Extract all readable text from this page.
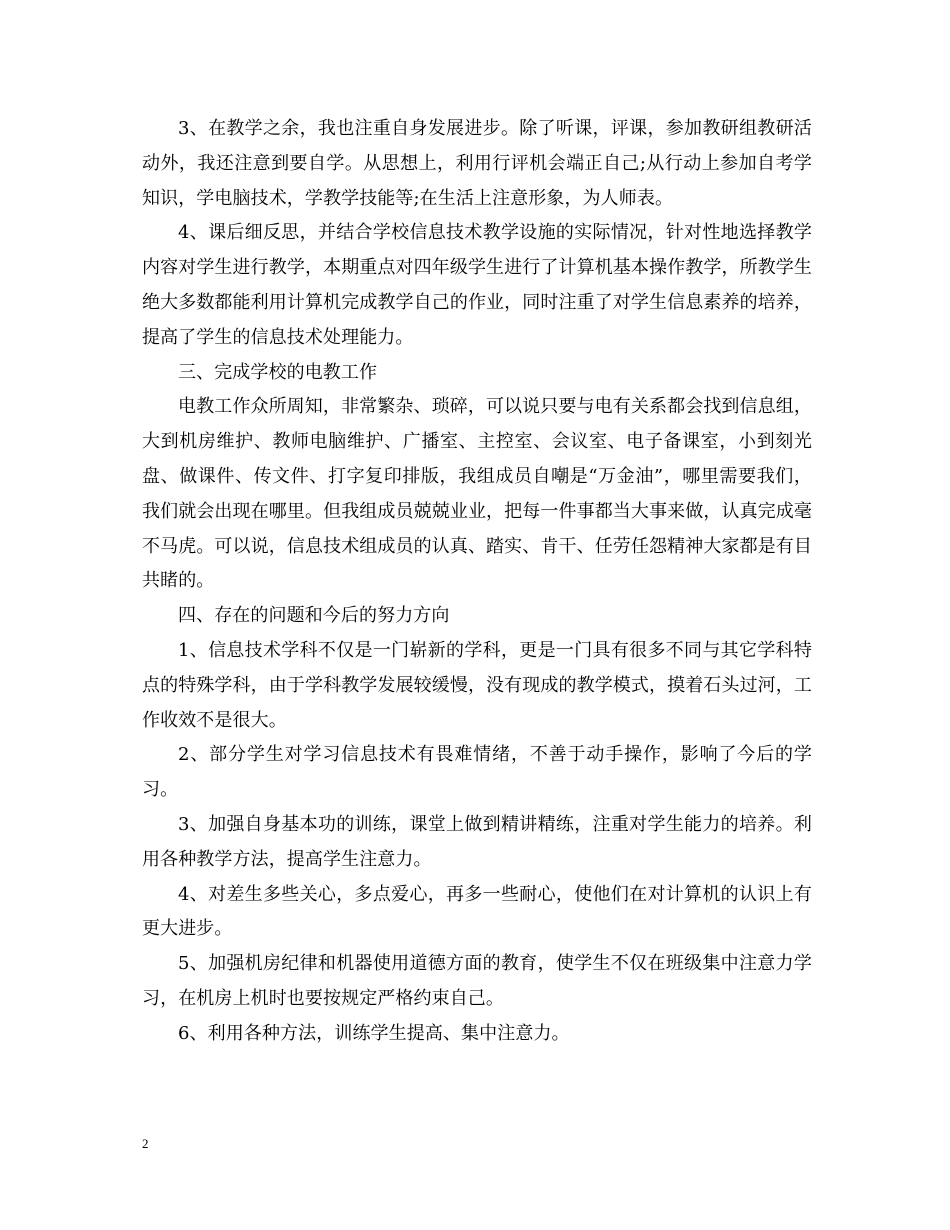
3、在教学之余，我也注重自身发展进步。除了听课，评课，参加教研组教研活动外，我还注意到要自学。从思想上，利用行评机会端正自己;从行动上参加自考学知识，学电脑技术，学教学技能等;在生活上注意形象，为人师表。

4、课后细反思，并结合学校信息技术教学设施的实际情况，针对性地选择教学内容对学生进行教学，本期重点对四年级学生进行了计算机基本操作教学，所教学生绝大多数都能利用计算机完成教学自己的作业，同时注重了对学生信息素养的培养，提高了学生的信息技术处理能力。

三、完成学校的电教工作

电教工作众所周知，非常繁杂、琐碎，可以说只要与电有关系都会找到信息组，大到机房维护、教师电脑维护、广播室、主控室、会议室、电子备课室，小到刻光盘、做课件、传文件、打字复印排版，我组成员自嘲是“万金油”，哪里需要我们，我们就会出现在哪里。但我组成员兢兢业业，把每一件事都当大事来做，认真完成毫不马虎。可以说，信息技术组成员的认真、踏实、肯干、任劳任怨精神大家都是有目共睹的。

四、存在的问题和今后的努力方向

1、信息技术学科不仅是一门崭新的学科，更是一门具有很多不同与其它学科特点的特殊学科，由于学科教学发展较缓慢，没有现成的教学模式，摸着石头过河，工作收效不是很大。

2、部分学生对学习信息技术有畏难情绪，不善于动手操作，影响了今后的学习。

3、加强自身基本功的训练，课堂上做到精讲精练，注重对学生能力的培养。利用各种教学方法，提高学生注意力。

4、对差生多些关心，多点爱心，再多一些耐心，使他们在对计算机的认识上有更大进步。

5、加强机房纪律和机器使用道德方面的教育，使学生不仅在班级集中注意力学习，在机房上机时也要按规定严格约束自己。

6、利用各种方法，训练学生提高、集中注意力。

2
